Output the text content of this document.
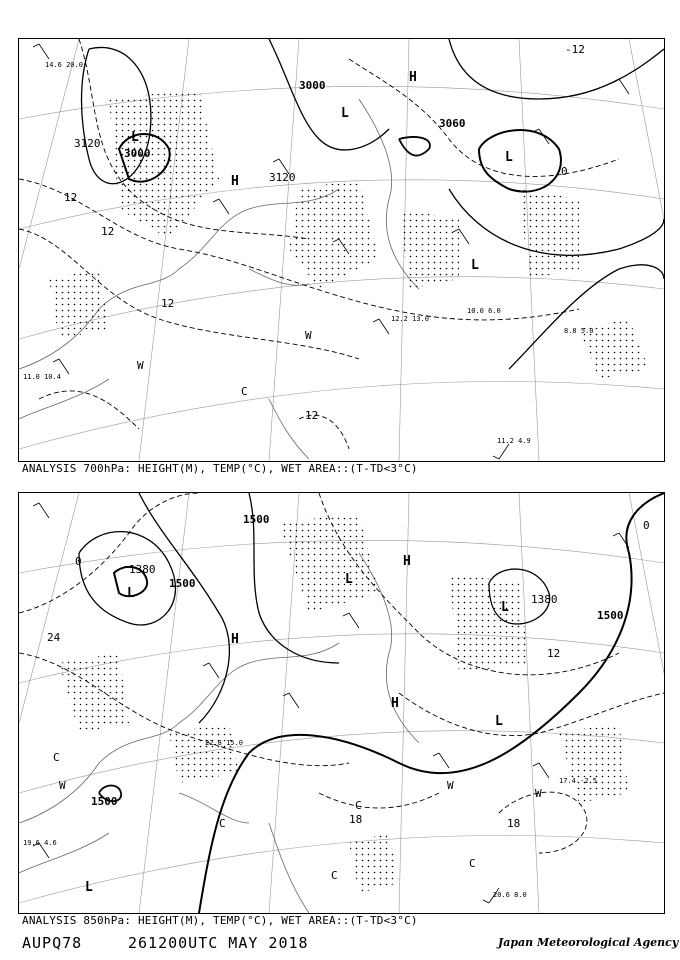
3000
3000
3120
3120
3060
12
12
12
0
12
-12
L
H
H
L
L
L
W
W
C
14.6 20.0
11.2 4.9
8.8 5.0
10.0 6.0
12.2 13.0
11.0 10.4
ANALYSIS 700hPa: HEIGHT(M), TEMP(°C), WET AREA::(T-TD<3°C)
1500
1500
1380
1380
1500
1500
24
0
12
0
18
18
L
H
H
L
L
H
L
L
C
W
C
W
W
C
C
C
20.6 8.0
17.4 -2.5
22.8 15.0
19.6 4.6
ANALYSIS 850hPa: HEIGHT(M), TEMP(°C), WET AREA::(T-TD<3°C)
AUPQ78	261200UTC MAY 2018	Japan Meteorological Agency
